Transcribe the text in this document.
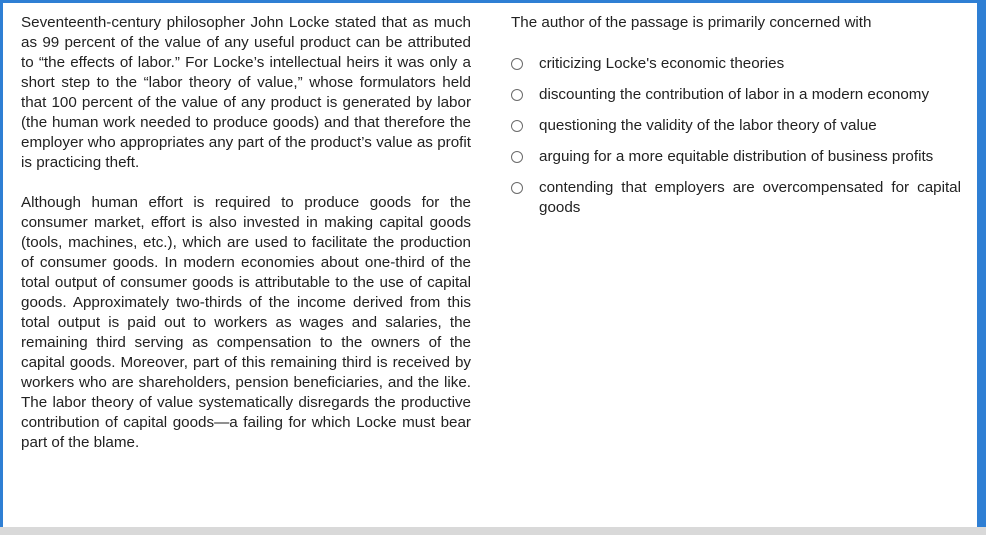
Seventeenth-century philosopher John Locke stated that as much as 99 percent of the value of any useful product can be attributed to “the effects of labor.” For Locke’s intellectual heirs it was only a short step to the “labor theory of value,” whose formulators held that 100 percent of the value of any product is generated by labor (the human work needed to produce goods) and that therefore the employer who appropriates any part of the product’s value as profit is practicing theft.

Although human effort is required to produce goods for the consumer market, effort is also invested in making capital goods (tools, machines, etc.), which are used to facilitate the production of consumer goods. In modern economies about one-third of the total output of consumer goods is attributable to the use of capital goods. Approximately two-thirds of the income derived from this total output is paid out to workers as wages and salaries, the remaining third serving as compensation to the owners of the capital goods. Moreover, part of this remaining third is received by workers who are shareholders, pension beneficiaries, and the like. The labor theory of value systematically disregards the productive contribution of capital goods—a failing for which Locke must bear part of the blame.

The author of the passage is primarily concerned with
criticizing Locke's economic theories
discounting the contribution of labor in a modern economy
questioning the validity of the labor theory of value
arguing for a more equitable distribution of business profits
contending that employers are overcompensated for capital goods
